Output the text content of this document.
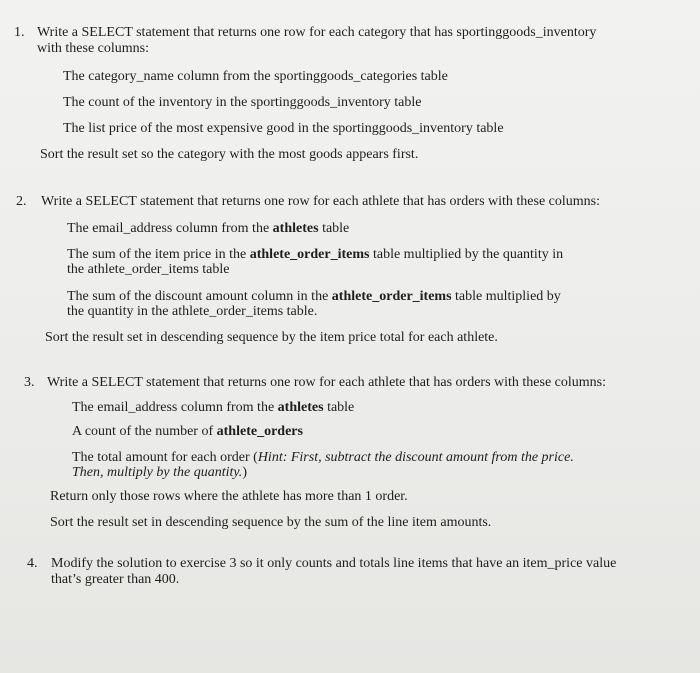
1. Write a SELECT statement that returns one row for each category that has sportinggoods_inventory
with these columns:
The category_name column from the sportinggoods_categories table
The count of the inventory in the sportinggoods_inventory table
The list price of the most expensive good in the sportinggoods_inventory table
Sort the result set so the category with the most goods appears first.
2. Write a SELECT statement that returns one row for each athlete that has orders with these columns:
The email_address column from the athletes table
The sum of the item price in the athlete_order_items table multiplied by the quantity in
the athlete_order_items table
The sum of the discount amount column in the athlete_order_items table multiplied by
the quantity in the athlete_order_items table.
Sort the result set in descending sequence by the item price total for each athlete.
3. Write a SELECT statement that returns one row for each athlete that has orders with these columns:
The email_address column from the athletes table
A count of the number of athlete_orders
The total amount for each order (Hint: First, subtract the discount amount from the price.
Then, multiply by the quantity.)
Return only those rows where the athlete has more than 1 order.
Sort the result set in descending sequence by the sum of the line item amounts.
4. Modify the solution to exercise 3 so it only counts and totals line items that have an item_price value
that’s greater than 400.
